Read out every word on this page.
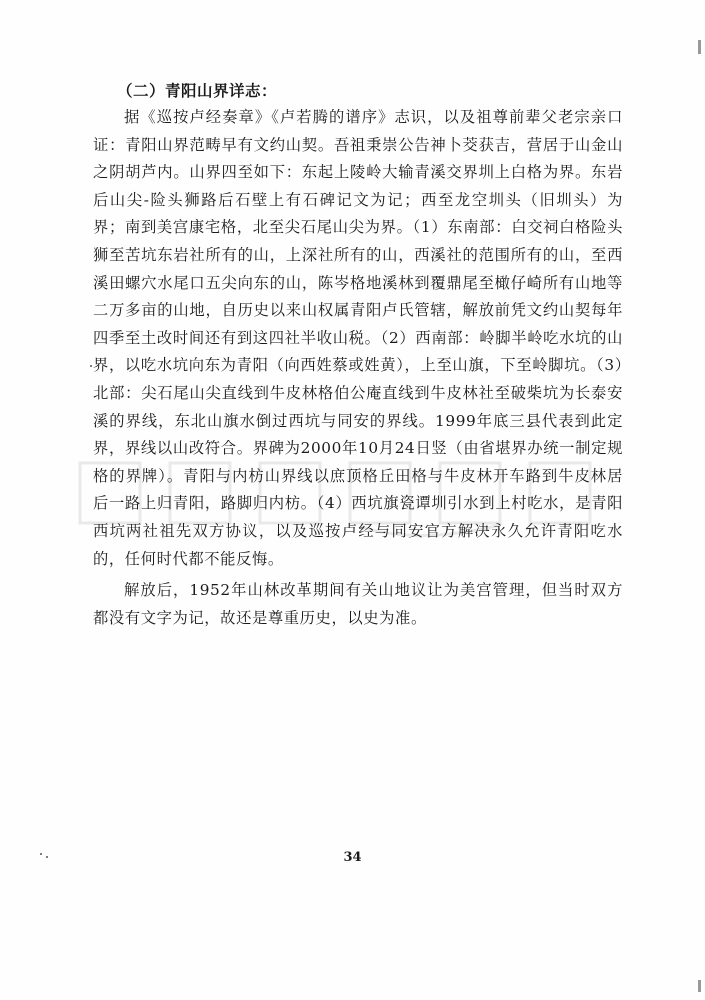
（二）青阳山界详志：

据《巡按卢经奏章》《卢若腾的谱序》志识，以及祖尊前辈父老宗亲口证：青阳山界范畴早有文约山契。吾祖秉崇公告神卜茭获吉，营居于山金山之阴胡芦内。山界四至如下：东起上陵岭大输青溪交界圳上白格为界。东岩后山尖-险头狮路后石壁上有石碑记文为记；西至龙空圳头（旧圳头）为界；南到美宫康宅格，北至尖石尾山尖为界。（1）东南部：白交祠白格险头狮至苦坑东岩社所有的山，上深社所有的山，西溪社的范围所有的山，至西溪田螺穴水尾口五尖向东的山，陈岑格地溪林到覆鼎尾至橄仔崎所有山地等二万多亩的山地，自历史以来山权属青阳卢氏管辖，解放前凭文约山契每年四季至土改时间还有到这四社半收山税。（2）西南部：岭脚半岭吃水坑的山界，以吃水坑向东为青阳（向西姓蔡或姓黄），上至山旗，下至岭脚坑。（3）北部：尖石尾山尖直线到牛皮林格伯公庵直线到牛皮林社至破柴坑为长泰安溪的界线，东北山旗水倒过西坑与同安的界线。1999年底三县代表到此定界，界线以山改符合。界碑为2000年10月24日竖（由省堪界办统一制定规格的界牌）。青阳与内枋山界线以庶顶格丘田格与牛皮林开车路到牛皮林居后一路上归青阳，路脚归内枋。（4）西坑旗瓷谭圳引水到上村吃水，是青阳西坑两社祖先双方协议，以及巡按卢经与同安官方解决永久允许青阳吃水的，任何时代都不能反悔。

解放后，1952年山林改革期间有关山地议让为美宫管理，但当时双方都没有文字为记，故还是尊重历史，以史为准。

34
